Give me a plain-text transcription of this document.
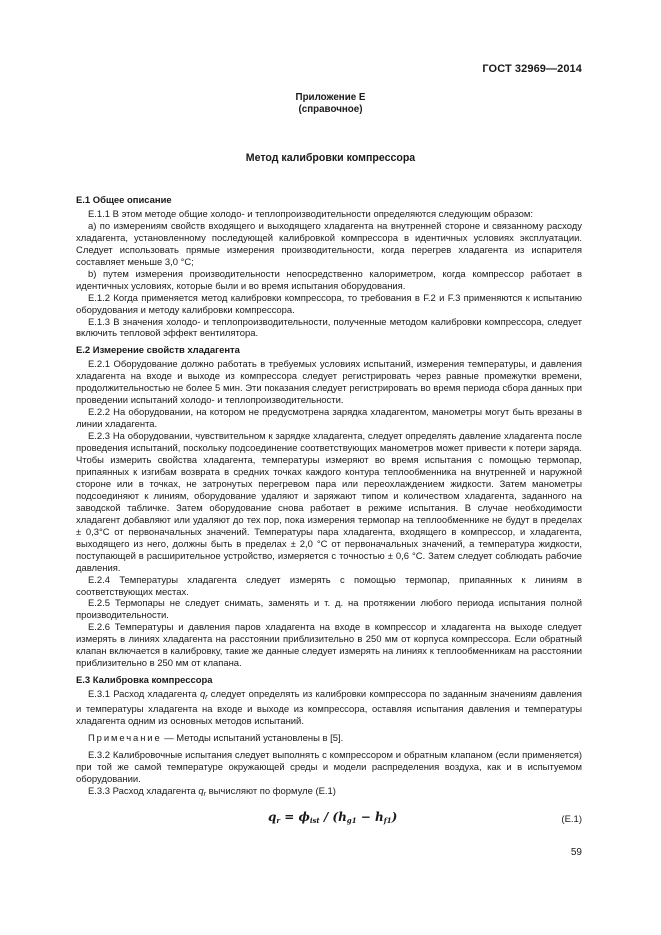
ГОСТ 32969—2014
Приложение Е
(справочное)
Метод калибровки компрессора
Е.1 Общее описание

Е.1.1 В этом методе общие холодо- и теплопроизводительности определяются следующим образом:

а) по измерениям свойств входящего и выходящего хладагента на внутренней стороне и связанному расходу хладагента, установленному последующей калибровкой компрессора в идентичных условиях эксплуатации. Следует использовать прямые измерения производительности, когда перегрев хладагента из испарителя составляет меньше 3,0 °С;

b) путем измерения производительности непосредственно калориметром, когда компрессор работает в идентичных условиях, которые были и во время испытания оборудования.

Е.1.2 Когда применяется метод калибровки компрессора, то требования в F.2 и F.3 применяются к испытанию оборудования и методу калибровки компрессора.

Е.1.3 В значения холодо- и теплопроизводительности, полученные методом калибровки компрессора, следует включить тепловой эффект вентилятора.

Е.2 Измерение свойств хладагента

Е.2.1 Оборудование должно работать в требуемых условиях испытаний, измерения температуры, и давления хладагента на входе и выходе из компрессора следует регистрировать через равные промежутки времени, продолжительностью не более 5 мин. Эти показания следует регистрировать во время периода сбора данных при проведении испытаний холодо- и теплопроизводительности.

Е.2.2 На оборудовании, на котором не предусмотрена зарядка хладагентом, манометры могут быть врезаны в линии хладагента.

Е.2.3 На оборудовании, чувствительном к зарядке хладагента, следует определять давление хладагента после проведения испытаний, поскольку подсоединение соответствующих манометров может привести к потери заряда. Чтобы измерить свойства хладагента, температуры измеряют во время испытания с помощью термопар, припаянных к изгибам возврата в средних точках каждого контура теплообменника на внутренней и наружной стороне или в точках, не затронутых перегревом пара или переохлаждением жидкости. Затем манометры подсоединяют к линиям, оборудование удаляют и заряжают типом и количеством хладагента, заданного на заводской табличке. Затем оборудование снова работает в режиме испытания. В случае необходимости хладагент добавляют или удаляют до тех пор, пока измерения термопар на теплообменнике не будут в пределах ± 0,3°С от первоначальных значений. Температуры пара хладагента, входящего в компрессор, и хладагента, выходящего из него, должны быть в пределах ± 2,0 °С от первоначальных значений, а температура жидкости, поступающей в расширительное устройство, измеряется с точностью ± 0,6 °С. Затем следует соблюдать рабочие давления.

Е.2.4 Температуры хладагента следует измерять с помощью термопар, припаянных к линиям в соответствующих местах.

Е.2.5 Термопары не следует снимать, заменять и т. д. на протяжении любого периода испытания полной производительности.

Е.2.6 Температуры и давления паров хладагента на входе в компрессор и хладагента на выходе следует измерять в линиях хладагента на расстоянии приблизительно в 250 мм от корпуса компрессора. Если обратный клапан включается в калибровку, такие же данные следует измерять на линиях к теплообменникам на расстоянии приблизительно в 250 мм от клапана.

Е.3 Калибровка компрессора

Е.3.1 Расход хладагента $q_r$ следует определять из калибровки компрессора по заданным значениям давления и температуры хладагента на входе и выходе из компрессора, оставляя испытания давления и температуры хладагента одним из основных методов испытаний.

Примечание — Методы испытаний установлены в [5].

Е.3.2 Калибровочные испытания следует выполнять с компрессором и обратным клапаном (если применяется) при той же самой температуре окружающей среды и модели распределения воздуха, как и в испытуемом оборудовании.

Е.3.3 Расход хладагента $q_r$ вычисляют по формуле (Е.1)

$q_r = \phi_{ist} / (h_{g1} - h_{f1})$	(Е.1)
59
